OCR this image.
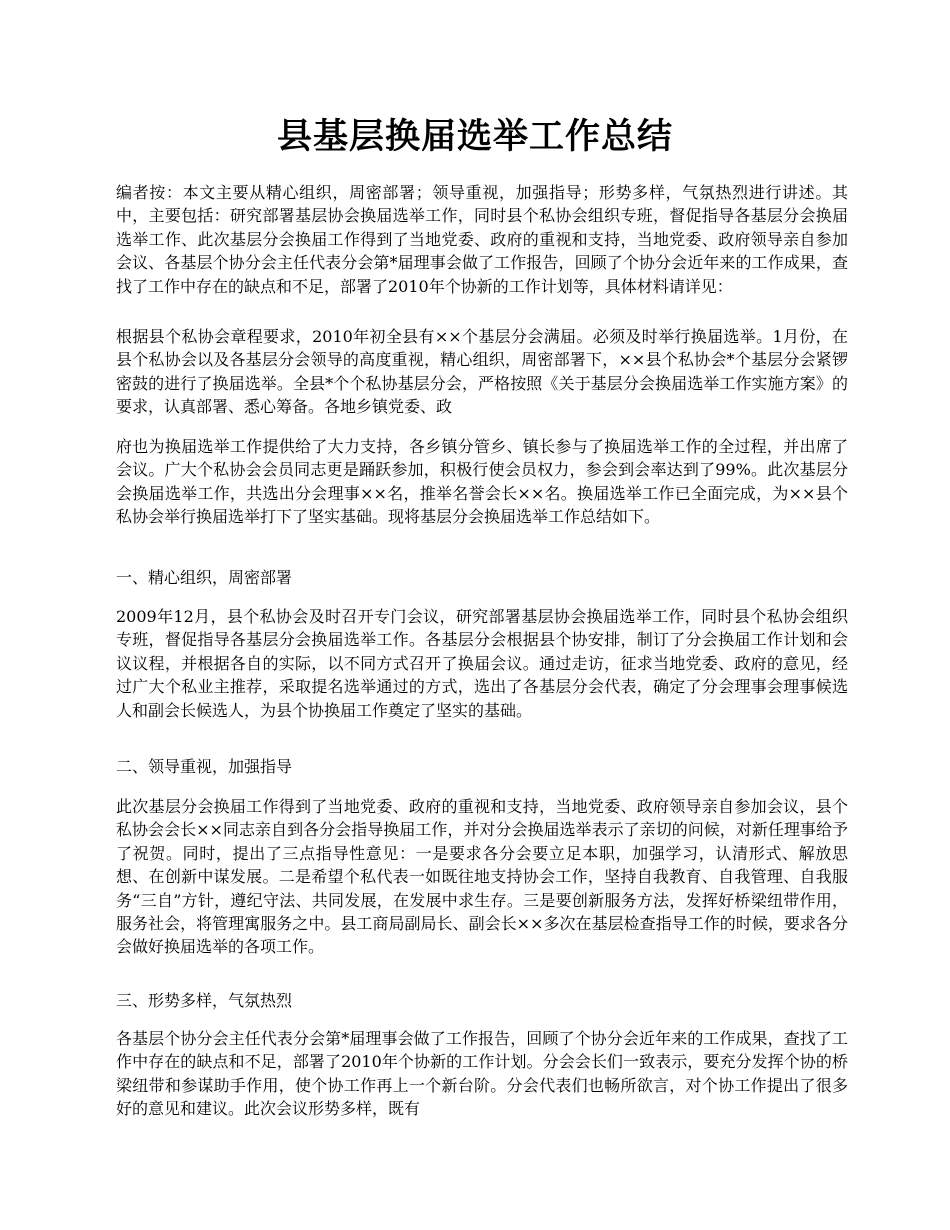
县基层换届选举工作总结

编者按：本文主要从精心组织，周密部署；领导重视，加强指导；形势多样，气氛热烈进行讲述。其中，主要包括：研究部署基层协会换届选举工作，同时县个私协会组织专班，督促指导各基层分会换届选举工作、此次基层分会换届工作得到了当地党委、政府的重视和支持，当地党委、政府领导亲自参加会议、各基层个协分会主任代表分会第*届理事会做了工作报告，回顾了个协分会近年来的工作成果，查找了工作中存在的缺点和不足，部署了2010年个协新的工作计划等，具体材料请详见：

根据县个私协会章程要求，2010年初全县有××个基层分会满届。必须及时举行换届选举。1月份，在县个私协会以及各基层分会领导的高度重视，精心组织，周密部署下，××县个私协会*个基层分会紧锣密鼓的进行了换届选举。全县*个个私协基层分会，严格按照《关于基层分会换届选举工作实施方案》的要求，认真部署、悉心筹备。各地乡镇党委、政

府也为换届选举工作提供给了大力支持，各乡镇分管乡、镇长参与了换届选举工作的全过程，并出席了会议。广大个私协会会员同志更是踊跃参加，积极行使会员权力，参会到会率达到了99%。此次基层分会换届选举工作，共选出分会理事××名，推举名誉会长××名。换届选举工作已全面完成，为××县个私协会举行换届选举打下了坚实基础。现将基层分会换届选举工作总结如下。

一、精心组织，周密部署

2009年12月，县个私协会及时召开专门会议，研究部署基层协会换届选举工作，同时县个私协会组织专班，督促指导各基层分会换届选举工作。各基层分会根据县个协安排，制订了分会换届工作计划和会议议程，并根据各自的实际，以不同方式召开了换届会议。通过走访，征求当地党委、政府的意见，经过广大个私业主推荐，采取提名选举通过的方式，选出了各基层分会代表，确定了分会理事会理事候选人和副会长候选人，为县个协换届工作奠定了坚实的基础。

二、领导重视，加强指导

此次基层分会换届工作得到了当地党委、政府的重视和支持，当地党委、政府领导亲自参加会议，县个私协会会长××同志亲自到各分会指导换届工作，并对分会换届选举表示了亲切的问候，对新任理事给予了祝贺。同时，提出了三点指导性意见：一是要求各分会要立足本职，加强学习，认清形式、解放思想、在创新中谋发展。二是希望个私代表一如既往地支持协会工作，坚持自我教育、自我管理、自我服务“三自”方针，遵纪守法、共同发展，在发展中求生存。三是要创新服务方法，发挥好桥梁纽带作用，服务社会，将管理寓服务之中。县工商局副局长、副会长××多次在基层检查指导工作的时候，要求各分会做好换届选举的各项工作。

三、形势多样，气氛热烈

各基层个协分会主任代表分会第*届理事会做了工作报告，回顾了个协分会近年来的工作成果，查找了工作中存在的缺点和不足，部署了2010年个协新的工作计划。分会会长们一致表示，要充分发挥个协的桥梁纽带和参谋助手作用，使个协工作再上一个新台阶。分会代表们也畅所欲言，对个协工作提出了很多好的意见和建议。此次会议形势多样，既有
